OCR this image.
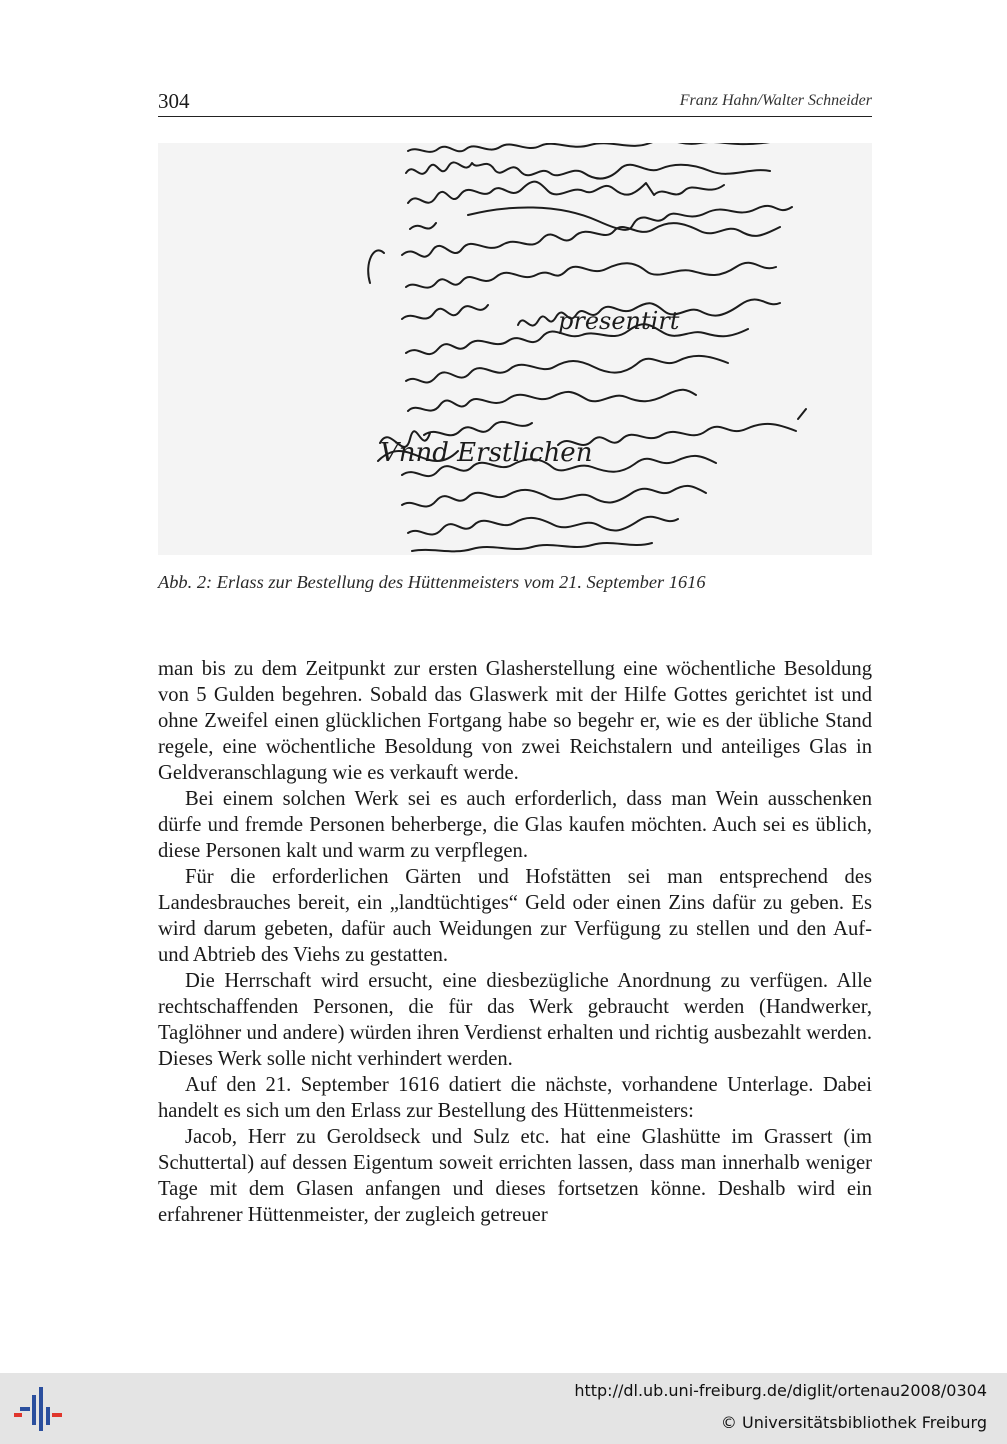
304	Franz Hahn/Walter Schneider
presentirt
Vnnd Erstlichen
Abb. 2: Erlass zur Bestellung des Hüttenmeisters vom 21. September 1616

man bis zu dem Zeitpunkt zur ersten Glasherstellung eine wöchentliche Besoldung von 5 Gulden begehren. Sobald das Glaswerk mit der Hilfe Gottes gerichtet ist und ohne Zweifel einen glücklichen Fortgang habe so begehr er, wie es der übliche Stand regele, eine wöchentliche Besoldung von zwei Reichstalern und anteiliges Glas in Geldveranschlagung wie es verkauft werde.

Bei einem solchen Werk sei es auch erforderlich, dass man Wein ausschenken dürfe und fremde Personen beherberge, die Glas kaufen möchten. Auch sei es üblich, diese Personen kalt und warm zu verpflegen.

Für die erforderlichen Gärten und Hofstätten sei man entsprechend des Landesbrauches bereit, ein „landtüchtiges“ Geld oder einen Zins dafür zu geben. Es wird darum gebeten, dafür auch Weidungen zur Verfügung zu stellen und den Auf- und Abtrieb des Viehs zu gestatten.

Die Herrschaft wird ersucht, eine diesbezügliche Anordnung zu verfügen. Alle rechtschaffenden Personen, die für das Werk gebraucht werden (Handwerker, Taglöhner und andere) würden ihren Verdienst erhalten und richtig ausbezahlt werden. Dieses Werk solle nicht verhindert werden.

Auf den 21. September 1616 datiert die nächste, vorhandene Unterlage. Dabei handelt es sich um den Erlass zur Bestellung des Hüttenmeisters:

Jacob, Herr zu Geroldseck und Sulz etc. hat eine Glashütte im Grassert (im Schuttertal) auf dessen Eigentum soweit errichten lassen, dass man innerhalb weniger Tage mit dem Glasen anfangen und dieses fortsetzen könne. Deshalb wird ein erfahrener Hüttenmeister, der zugleich getreuer

http://dl.ub.uni-freiburg.de/diglit/ortenau2008/0304
© Universitätsbibliothek Freiburg
